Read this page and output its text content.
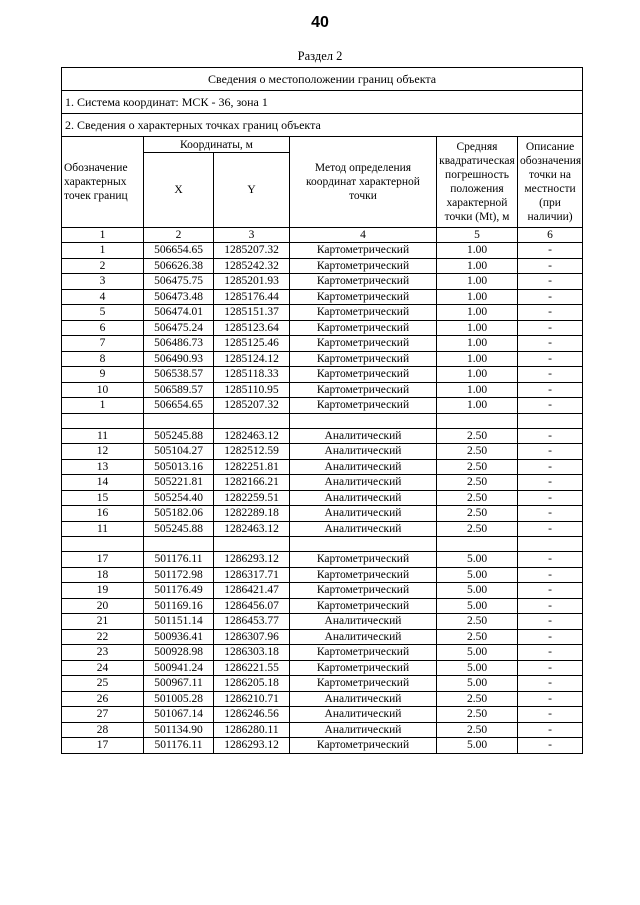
40
Раздел 2
Сведения о местоположении границ объекта					
1. Система координат: МСК - 36, зона 1					
2. Сведения о характерных точках границ объекта					
Обозначение характерных точек границ	Координаты, м		Метод определения координат характерной точки	Средняя квадратическая погрешность положения характерной точки (Mt), м	Описание обозначения точки на местности (при наличии)
	X	Y			
1	2	3	4	5	6
1	506654.65	1285207.32	Картометрический	1.00	-
2	506626.38	1285242.32	Картометрический	1.00	-
3	506475.75	1285201.93	Картометрический	1.00	-
4	506473.48	1285176.44	Картометрический	1.00	-
5	506474.01	1285151.37	Картометрический	1.00	-
6	506475.24	1285123.64	Картометрический	1.00	-
7	506486.73	1285125.46	Картометрический	1.00	-
8	506490.93	1285124.12	Картометрический	1.00	-
9	506538.57	1285118.33	Картометрический	1.00	-
10	506589.57	1285110.95	Картометрический	1.00	-
1	506654.65	1285207.32	Картометрический	1.00	-

11	505245.88	1282463.12	Аналитический	2.50	-
12	505104.27	1282512.59	Аналитический	2.50	-
13	505013.16	1282251.81	Аналитический	2.50	-
14	505221.81	1282166.21	Аналитический	2.50	-
15	505254.40	1282259.51	Аналитический	2.50	-
16	505182.06	1282289.18	Аналитический	2.50	-
11	505245.88	1282463.12	Аналитический	2.50	-

17	501176.11	1286293.12	Картометрический	5.00	-
18	501172.98	1286317.71	Картометрический	5.00	-
19	501176.49	1286421.47	Картометрический	5.00	-
20	501169.16	1286456.07	Картометрический	5.00	-
21	501151.14	1286453.77	Аналитический	2.50	-
22	500936.41	1286307.96	Аналитический	2.50	-
23	500928.98	1286303.18	Картометрический	5.00	-
24	500941.24	1286221.55	Картометрический	5.00	-
25	500967.11	1286205.18	Картометрический	5.00	-
26	501005.28	1286210.71	Аналитический	2.50	-
27	501067.14	1286246.56	Аналитический	2.50	-
28	501134.90	1286280.11	Аналитический	2.50	-
17	501176.11	1286293.12	Картометрический	5.00	-
